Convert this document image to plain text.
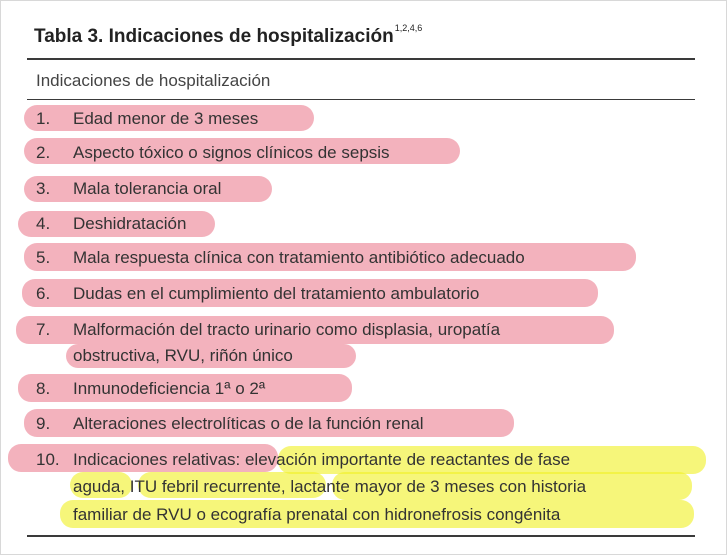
Tabla 3. Indicaciones de hospitalización$^{1,2,4,6}$
Indicaciones de hospitalización
1. Edad menor de 3 meses
2. Aspecto tóxico o signos clínicos de sepsis
3. Mala tolerancia oral
4. Deshidratación
5. Mala respuesta clínica con tratamiento antibiótico adecuado
6. Dudas en el cumplimiento del tratamiento ambulatorio
7. Malformación del tracto urinario como displasia, uropatía
obstructiva, RVU, riñón único
8. Inmunodeficiencia 1ª o 2ª
9. Alteraciones electrolíticas o de la función renal
10. Indicaciones relativas: elevación importante de reactantes de fase
aguda, ITU febril recurrente, lactante mayor de 3 meses con historia
familiar de RVU o ecografía prenatal con hidronefrosis congénita
